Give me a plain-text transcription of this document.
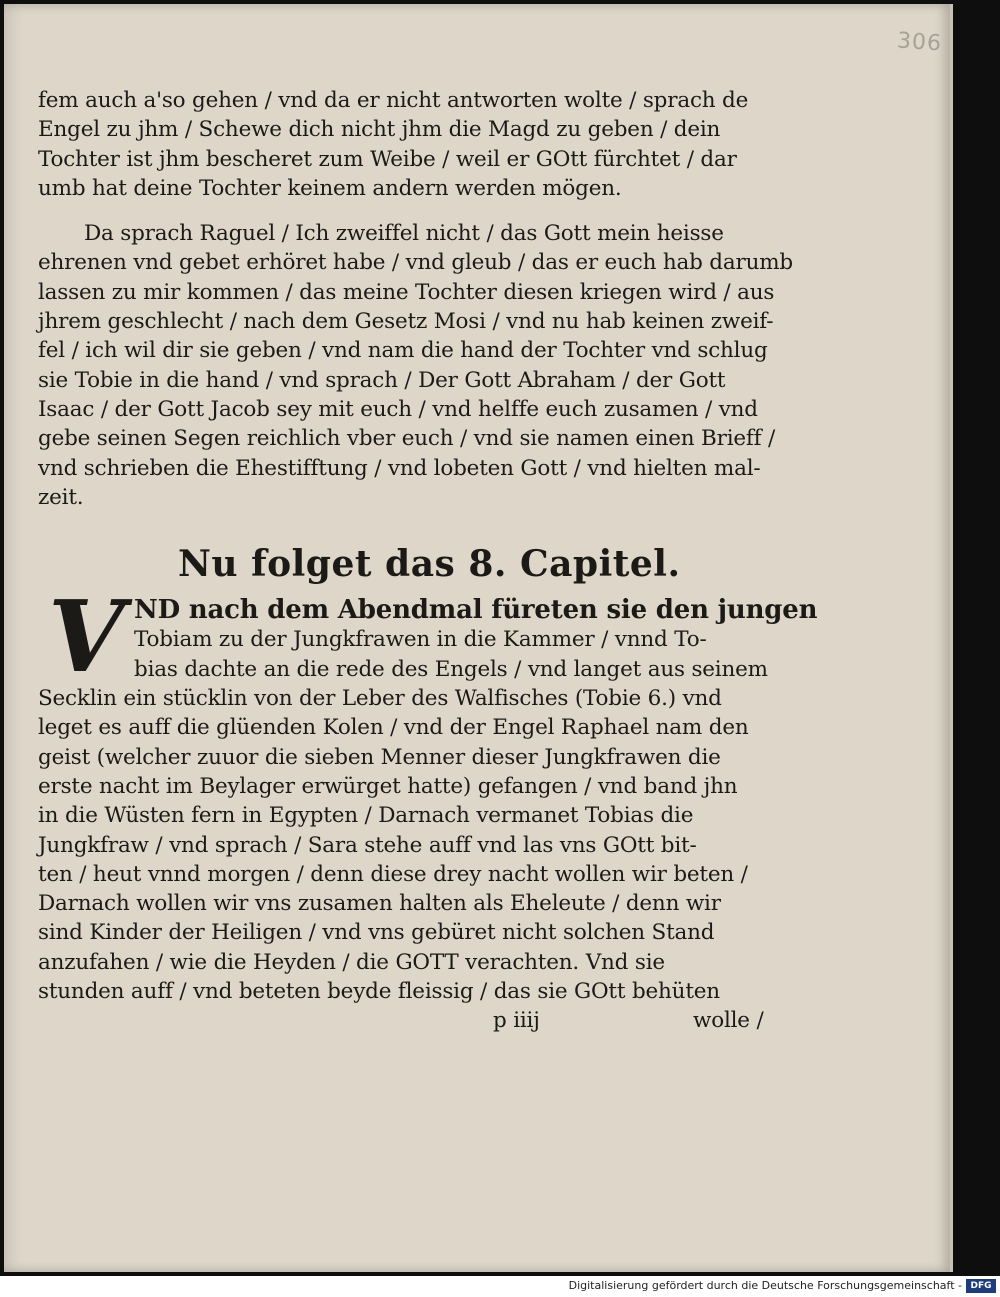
306
fem auch a'so gehen / vnd da er nicht antworten wolte / sprach de
Engel zu jhm / Schewe dich nicht jhm die Magd zu geben / dein
Tochter ist jhm bescheret zum Weibe / weil er GOtt fürchtet / dar
umb hat deine Tochter keinem andern werden mögen.
Da sprach Raguel / Ich zweiffel nicht / das Gott mein heisse
ehrenen vnd gebet erhöret habe / vnd gleub / das er euch hab darumb
lassen zu mir kommen / das meine Tochter diesen kriegen wird / aus
jhrem geschlecht / nach dem Gesetz Mosi / vnd nu hab keinen zweif-
fel / ich wil dir sie geben / vnd nam die hand der Tochter vnd schlug
sie Tobie in die hand / vnd sprach / Der Gott Abraham / der Gott
Isaac / der Gott Jacob sey mit euch / vnd helffe euch zusamen / vnd
gebe seinen Segen reichlich vber euch / vnd sie namen einen Brieff /
vnd schrieben die Ehestifftung / vnd lobeten Gott / vnd hielten mal-
zeit.
Nu folget das 8. Capitel.
V ND nach dem Abendmal füreten sie den jungen
Tobiam zu der Jungkfrawen in die Kammer / vnnd To-
bias dachte an die rede des Engels / vnd langet aus seinem
Secklin ein stücklin von der Leber des Walfisches (Tobie 6.) vnd
leget es auff die glüenden Kolen / vnd der Engel Raphael nam den
geist (welcher zuuor die sieben Menner dieser Jungkfrawen die
erste nacht im Beylager erwürget hatte) gefangen / vnd band jhn
in die Wüsten fern in Egypten / Darnach vermanet Tobias die
Jungkfraw / vnd sprach / Sara stehe auff vnd las vns GOtt bit-
ten / heut vnnd morgen / denn diese drey nacht wollen wir beten /
Darnach wollen wir vns zusamen halten als Eheleute / denn wir
sind Kinder der Heiligen / vnd vns gebüret nicht solchen Stand
anzufahen / wie die Heyden / die GOTT verachten. Vnd sie
stunden auff / vnd beteten beyde fleissig / das sie GOtt behüten
p iiij	wolle /
Digitalisierung gefördert durch die Deutsche Forschungsgemeinschaft - DFG
